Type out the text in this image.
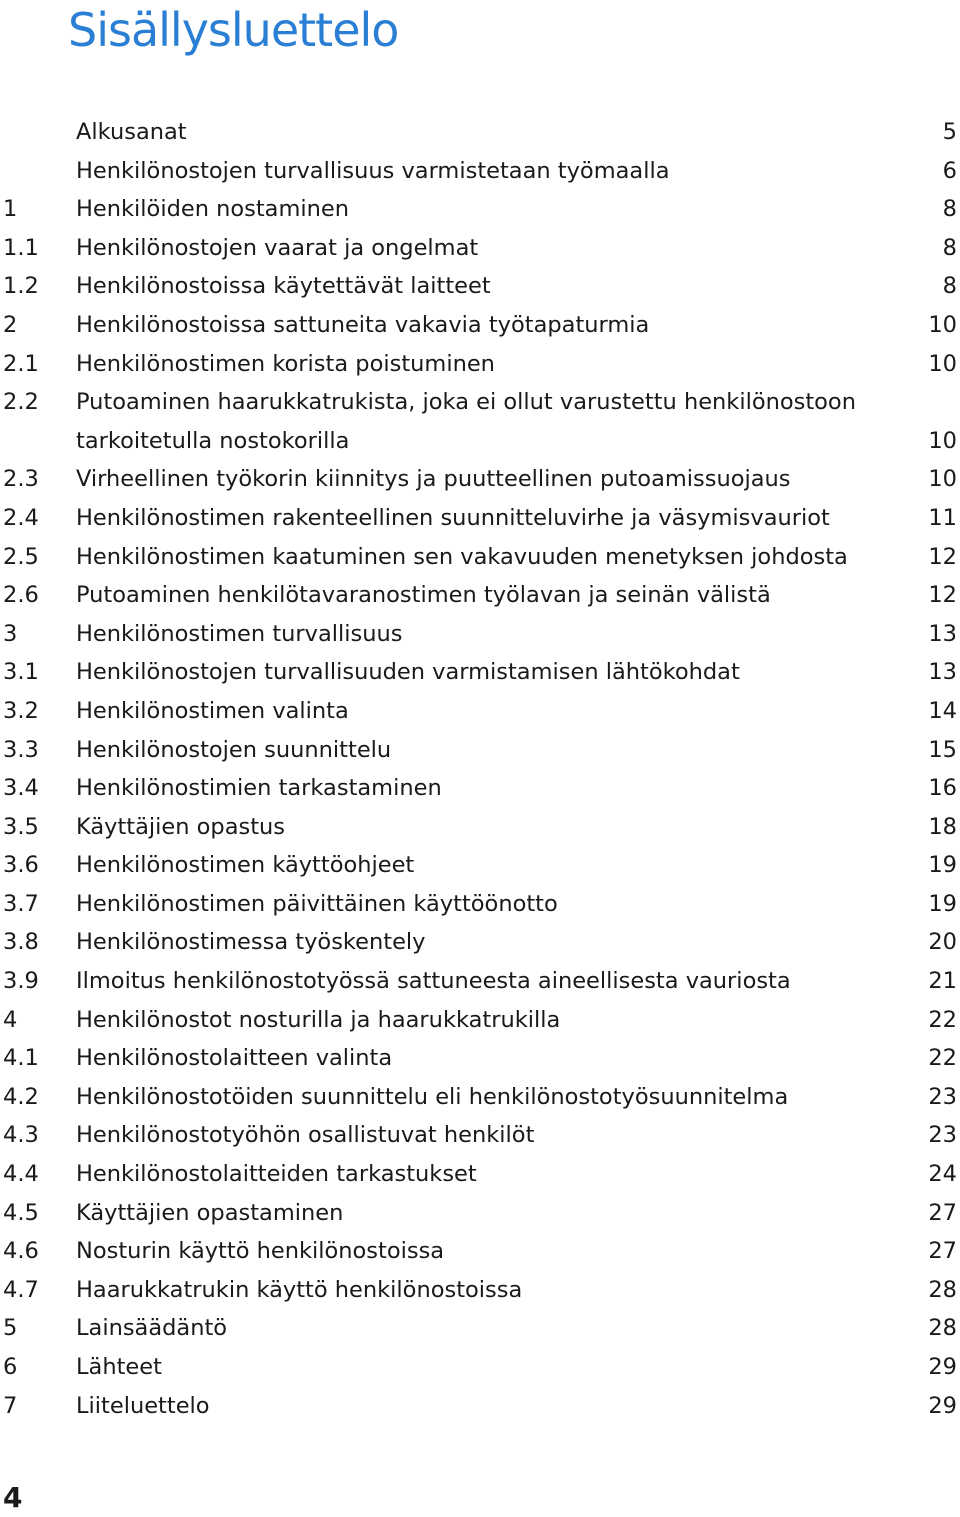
Sisällysluettelo
Alkusanat	5
Henkilönostojen turvallisuus varmistetaan työmaalla	6
1	Henkilöiden nostaminen	8
1.1 Henkilönostojen vaarat ja ongelmat	8
1.2 Henkilönostoissa käytettävät laitteet	8
2	Henkilönostoissa sattuneita vakavia työtapaturmia	10
2.1 Henkilönostimen korista poistuminen	10
2.2 Putoaminen haarukkatrukista, joka ei ollut varustettu henkilönostoon tarkoitetulla nostokorilla	10
2.3 Virheellinen työkorin kiinnitys ja puutteellinen putoamissuojaus	10
2.4 Henkilönostimen rakenteellinen suunnitteluvirhe ja väsymisvauriot	11
2.5 Henkilönostimen kaatuminen sen vakavuuden menetyksen johdosta	12
2.6 Putoaminen henkilötavaranostimen työlavan ja seinän välistä	12
3	Henkilönostimen turvallisuus	13
3.1 Henkilönostojen turvallisuuden varmistamisen lähtökohdat	13
3.2 Henkilönostimen valinta	14
3.3 Henkilönostojen suunnittelu	15
3.4 Henkilönostimien tarkastaminen	16
3.5 Käyttäjien opastus	18
3.6 Henkilönostimen käyttöohjeet	19
3.7 Henkilönostimen päivittäinen käyttöönotto	19
3.8 Henkilönostimessa työskentely	20
3.9 Ilmoitus henkilönostotyössä sattuneesta aineellisesta vauriosta	21
4	Henkilönostot nosturilla ja haarukkatrukilla	22
4.1 Henkilönostolaitteen valinta	22
4.2 Henkilönostotöiden suunnittelu eli henkilönostotyösuunnitelma	23
4.3 Henkilönostotyöhön osallistuvat henkilöt	23
4.4 Henkilönostolaitteiden tarkastukset	24
4.5 Käyttäjien opastaminen	27
4.6 Nosturin käyttö henkilönostoissa	27
4.7 Haarukkatrukin käyttö henkilönostoissa	28
5	Lainsäädäntö	28
6	Lähteet	29
7	Liiteluettelo	29
4
